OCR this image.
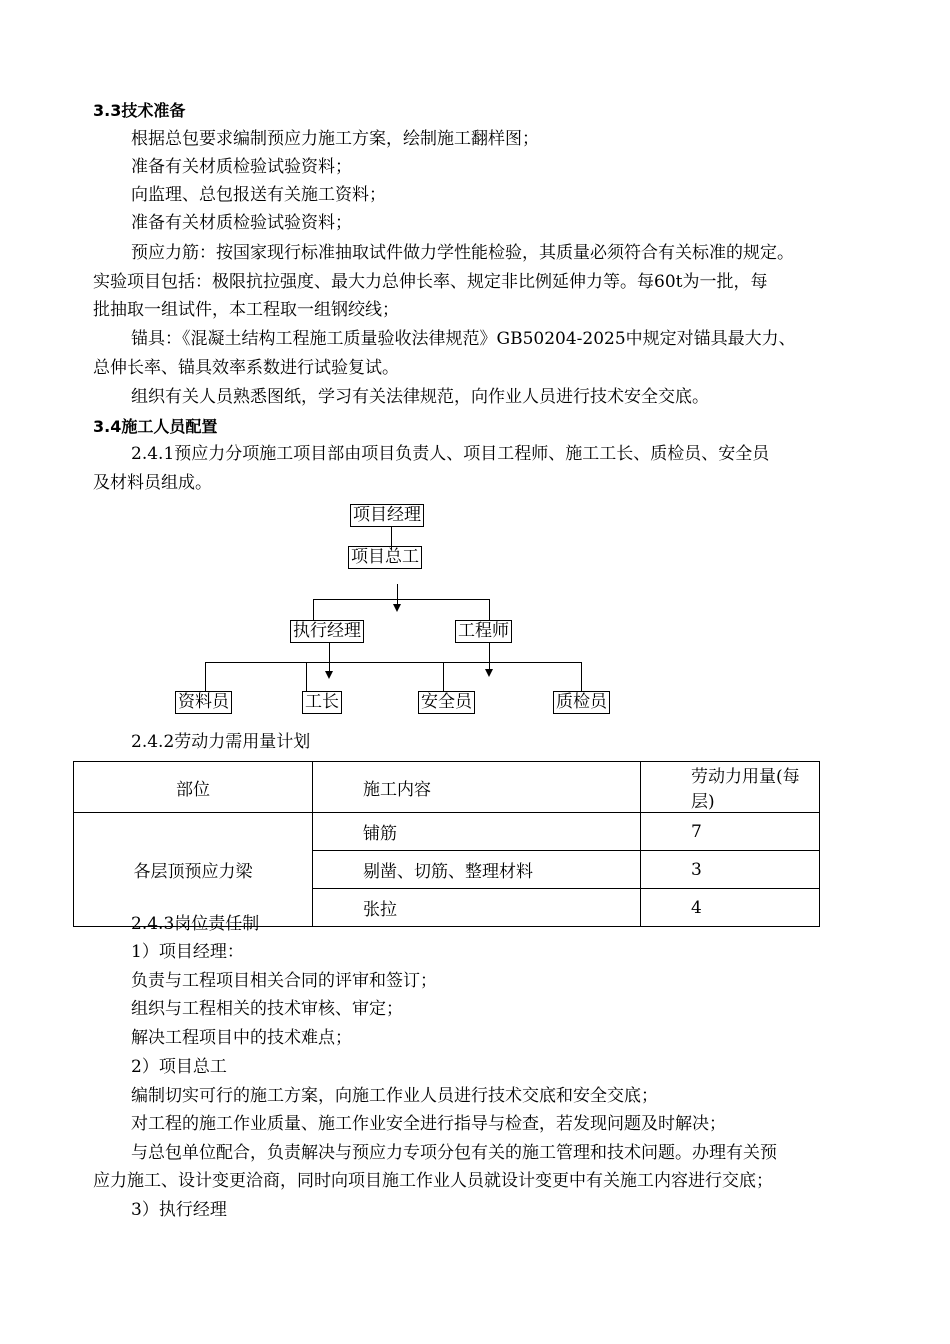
3.3技术准备
根据总包要求编制预应力施工方案，绘制施工翻样图；
准备有关材质检验试验资料；
向监理、总包报送有关施工资料；
准备有关材质检验试验资料；
预应力筋：按国家现行标准抽取试件做力学性能检验，其质量必须符合有关标准的规定。
实验项目包括：极限抗拉强度、最大力总伸长率、规定非比例延伸力等。每60t为一批，每
批抽取一组试件，本工程取一组钢绞线；
锚具：《混凝土结构工程施工质量验收法律规范》GB50204-2025中规定对锚具最大力、
总伸长率、锚具效率系数进行试验复试。
组织有关人员熟悉图纸，学习有关法律规范，向作业人员进行技术安全交底。
3.4施工人员配置
2.4.1预应力分项施工项目部由项目负责人、项目工程师、施工工长、质检员、安全员
及材料员组成。
项目经理
项目总工
执行经理	工程师
资料员	工长	安全员	质检员
2.4.2劳动力需用量计划
部位	施工内容	劳动力用量(每层)
各层顶预应力梁	铺筋	7
	剔凿、切筋、整理材料	3
	张拉	4
2.4.3岗位责任制
1）项目经理：
负责与工程项目相关合同的评审和签订；
组织与工程相关的技术审核、审定；
解决工程项目中的技术难点；
2）项目总工
编制切实可行的施工方案，向施工作业人员进行技术交底和安全交底；
对工程的施工作业质量、施工作业安全进行指导与检查，若发现问题及时解决；
与总包单位配合，负责解决与预应力专项分包有关的施工管理和技术问题。办理有关预
应力施工、设计变更洽商，同时向项目施工作业人员就设计变更中有关施工内容进行交底；
3）执行经理
